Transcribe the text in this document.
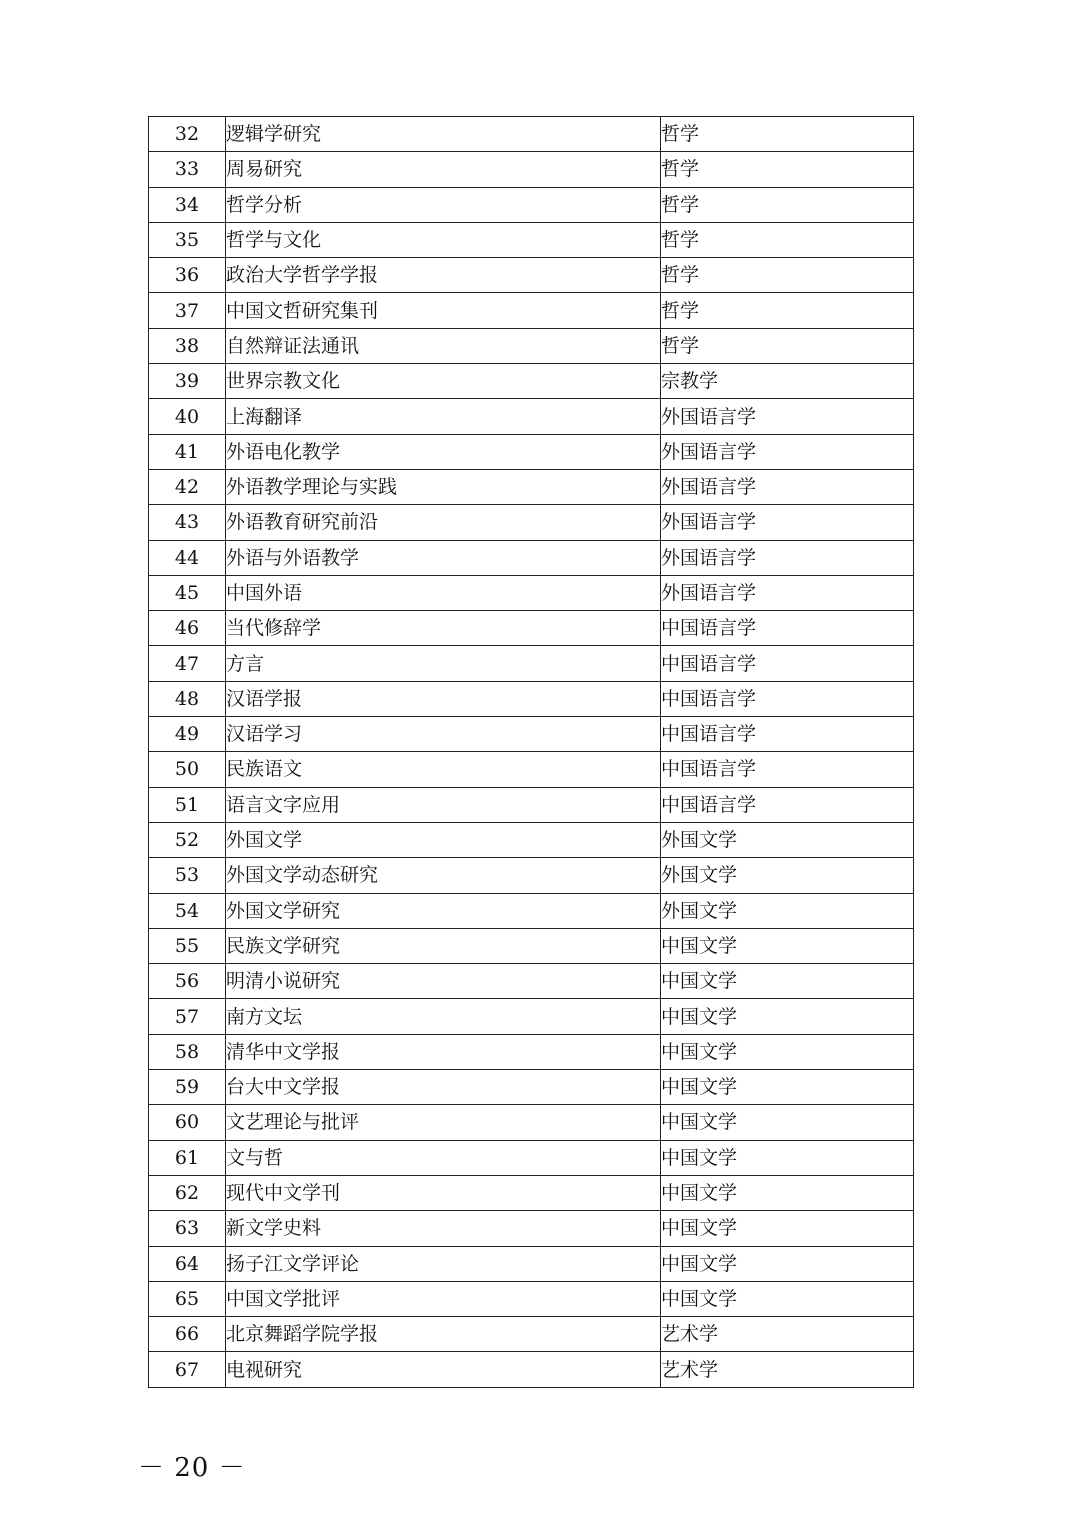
32	逻辑学研究	哲学
33	周易研究	哲学
34	哲学分析	哲学
35	哲学与文化	哲学
36	政治大学哲学学报	哲学
37	中国文哲研究集刊	哲学
38	自然辩证法通讯	哲学
39	世界宗教文化	宗教学
40	上海翻译	外国语言学
41	外语电化教学	外国语言学
42	外语教学理论与实践	外国语言学
43	外语教育研究前沿	外国语言学
44	外语与外语教学	外国语言学
45	中国外语	外国语言学
46	当代修辞学	中国语言学
47	方言	中国语言学
48	汉语学报	中国语言学
49	汉语学习	中国语言学
50	民族语文	中国语言学
51	语言文字应用	中国语言学
52	外国文学	外国文学
53	外国文学动态研究	外国文学
54	外国文学研究	外国文学
55	民族文学研究	中国文学
56	明清小说研究	中国文学
57	南方文坛	中国文学
58	清华中文学报	中国文学
59	台大中文学报	中国文学
60	文艺理论与批评	中国文学
61	文与哲	中国文学
62	现代中文学刊	中国文学
63	新文学史料	中国文学
64	扬子江文学评论	中国文学
65	中国文学批评	中国文学
66	北京舞蹈学院学报	艺术学
67	电视研究	艺术学
－ 20 －
